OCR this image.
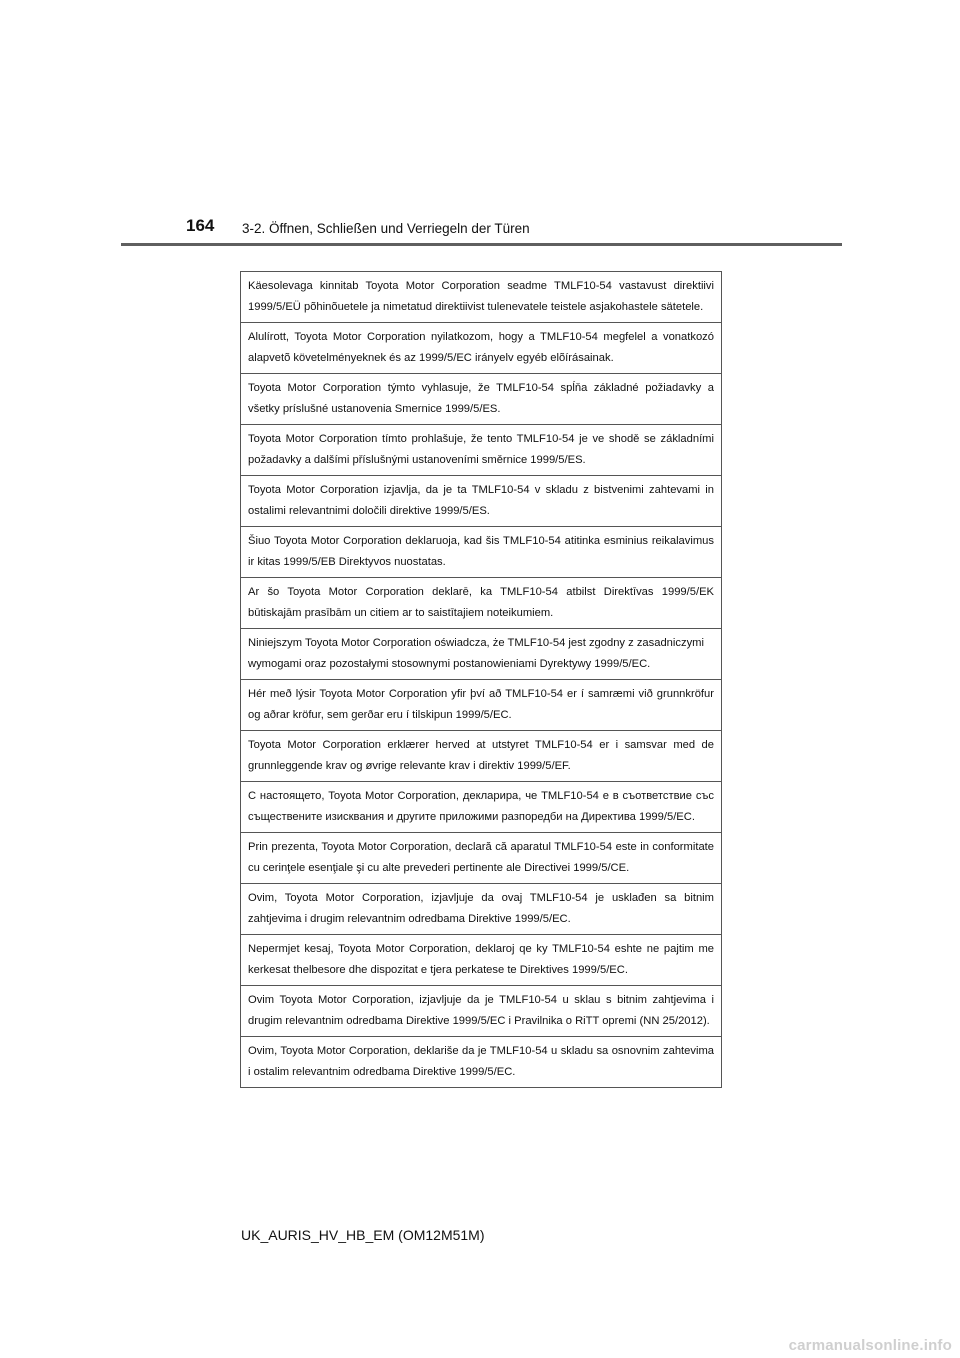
164 3-2. Öffnen, Schließen und Verriegeln der Türen
Käesolevaga kinnitab Toyota Motor Corporation seadme TMLF10-54 vastavust direktiivi 1999/5/EÜ põhinõuetele ja nimetatud direktiivist tulenevatele teistele asjakohastele sätetele.
Alulírott, Toyota Motor Corporation nyilatkozom, hogy a TMLF10-54 megfelel a vonatkozó alapvetõ követelményeknek és az 1999/5/EC irányelv egyéb elõírásainak.
Toyota Motor Corporation týmto vyhlasuje, že TMLF10-54 spĺňa základné požiadavky a všetky príslušné ustanovenia Smernice 1999/5/ES.
Toyota Motor Corporation tímto prohlašuje, že tento TMLF10-54 je ve shodě se základními požadavky a dalšími příslušnými ustanoveními směrnice 1999/5/ES.
Toyota Motor Corporation izjavlja, da je ta TMLF10-54 v skladu z bistvenimi zahtevami in ostalimi relevantnimi določili direktive 1999/5/ES.
Šiuo Toyota Motor Corporation deklaruoja, kad šis TMLF10-54 atitinka esminius reikalavimus ir kitas 1999/5/EB Direktyvos nuostatas.
Ar šo Toyota Motor Corporation deklarē, ka TMLF10-54 atbilst Direktīvas 1999/5/EK būtiskajām prasībām un citiem ar to saistītajiem noteikumiem.
Niniejszym Toyota Motor Corporation oświadcza, że TMLF10-54 jest zgodny z zasadniczymi wymogami oraz pozostałymi stosownymi postanowieniami Dyrektywy 1999/5/EC.
Hér með lýsir Toyota Motor Corporation yfir því að TMLF10-54 er í samræmi við grunnkröfur og aðrar kröfur, sem gerðar eru í tilskipun 1999/5/EC.
Toyota Motor Corporation erklærer herved at utstyret TMLF10-54 er i samsvar med de grunnleggende krav og øvrige relevante krav i direktiv 1999/5/EF.
С настоящето, Toyota Motor Corporation, декларира, че TMLF10-54 е в съответствие със съществените изисквания и другите приложими разпоредби на Директива 1999/5/EC.
Prin prezenta, Toyota Motor Corporation, declară că aparatul TMLF10-54 este in conformitate cu cerinţele esenţiale şi cu alte prevederi pertinente ale Directivei 1999/5/CE.
Ovim, Toyota Motor Corporation, izjavljuje da ovaj TMLF10-54 je usklađen sa bitnim zahtjevima i drugim relevantnim odredbama Direktive 1999/5/EC.
Nepermjet kesaj, Toyota Motor Corporation, deklaroj qe ky TMLF10-54 eshte ne pajtim me kerkesat thelbesore dhe dispozitat e tjera perkatese te Direktives 1999/5/EC.
Ovim Toyota Motor Corporation, izjavljuje da je TMLF10-54 u sklau s bitnim zahtjevima i drugim relevantnim odredbama Direktive 1999/5/EC i Pravilnika o RiTT opremi (NN 25/2012).
Ovim, Toyota Motor Corporation, deklariše da je TMLF10-54 u skladu sa osnovnim zahtevima i ostalim relevantnim odredbama Direktive 1999/5/EC.
UK_AURIS_HV_HB_EM (OM12M51M)
carmanualsonline.info
